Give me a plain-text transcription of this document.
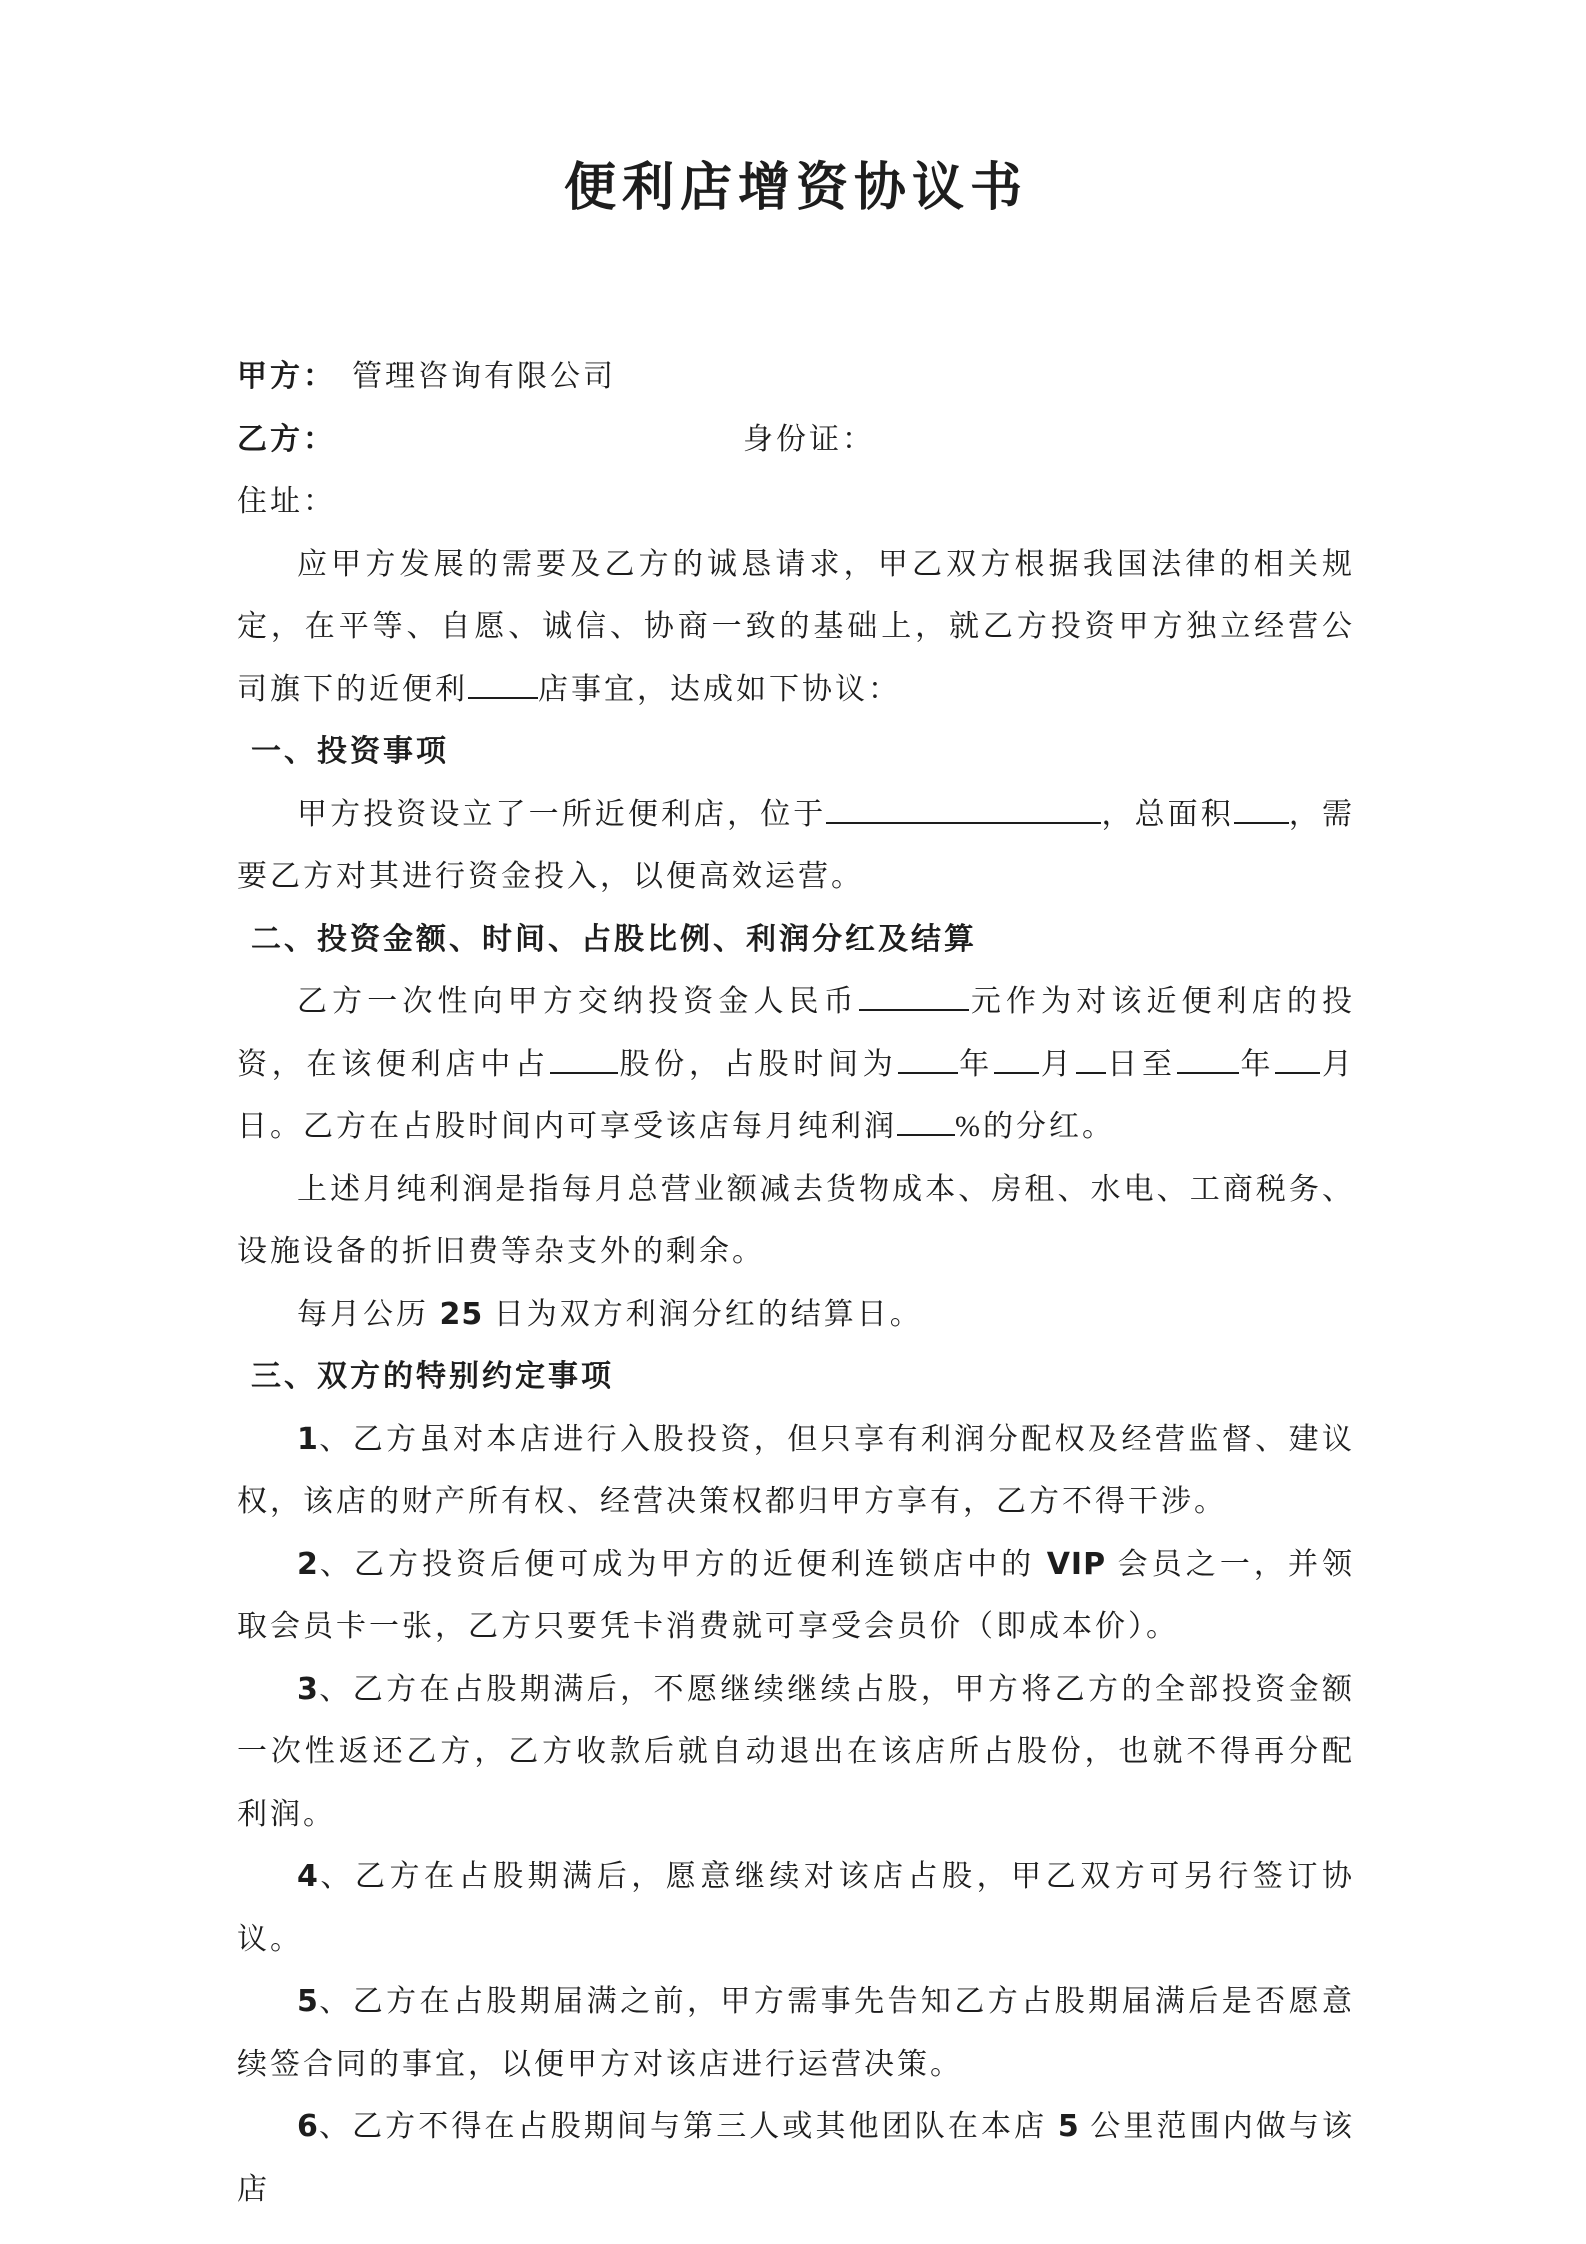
便利店增资协议书

甲方： 管理咨询有限公司

乙方：	身份证：

住址：

应甲方发展的需要及乙方的诚恳请求，甲乙双方根据我国法律的相关规定，在平等、自愿、诚信、协商一致的基础上，就乙方投资甲方独立经营公司旗下的近便利 店事宜，达成如下协议：

一、投资事项

甲方投资设立了一所近便利店，位于	，总面积 ，需要乙方对其进行资金投入，以便高效运营。

二、投资金额、时间、占股比例、利润分红及结算

乙方一次性向甲方交纳投资金人民币	元作为对该近便利店的投资，在该便利店中占 股份，占股时间为 年 月 日至 年 月日。乙方在占股时间内可享受该店每月纯利润 %的分红。

上述月纯利润是指每月总营业额减去货物成本、房租、水电、工商税务、设施设备的折旧费等杂支外的剩余。

每月公历 25 日为双方利润分红的结算日。

三、双方的特别约定事项

1、乙方虽对本店进行入股投资，但只享有利润分配权及经营监督、建议权，该店的财产所有权、经营决策权都归甲方享有，乙方不得干涉。

2、乙方投资后便可成为甲方的近便利连锁店中的 VIP 会员之一，并领取会员卡一张，乙方只要凭卡消费就可享受会员价（即成本价）。

3、乙方在占股期满后，不愿继续继续占股，甲方将乙方的全部投资金额一次性返还乙方，乙方收款后就自动退出在该店所占股份，也就不得再分配利润。

4、乙方在占股期满后，愿意继续对该店占股，甲乙双方可另行签订协议。

5、乙方在占股期届满之前，甲方需事先告知乙方占股期届满后是否愿意续签合同的事宜，以便甲方对该店进行运营决策。

6、乙方不得在占股期间与第三人或其他团队在本店 5 公里范围内做与该店
